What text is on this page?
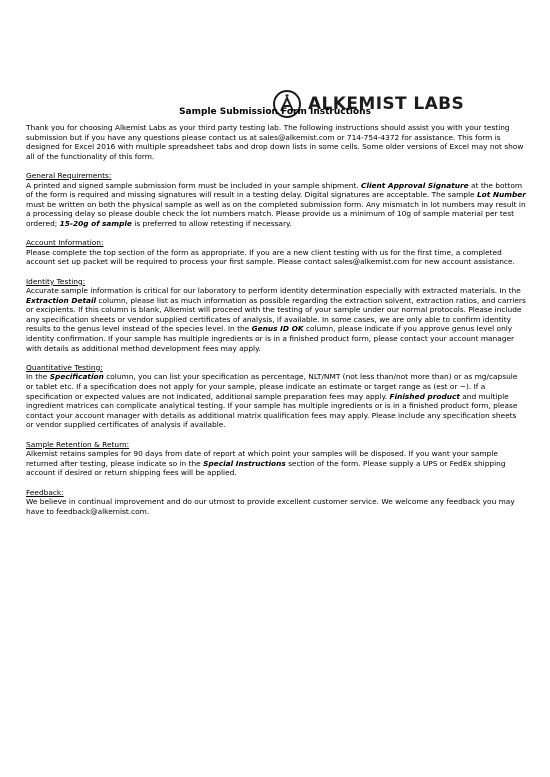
ALKEMIST LABS
Sample Submission Form Instructions

Thank you for choosing Alkemist Labs as your third party testing lab. The following instructions should assist you with your testing submission but if you have any questions please contact us at sales@alkemist.com or 714-754-4372 for assistance. This form is designed for Excel 2016 with multiple spreadsheet tabs and drop down lists in some cells. Some older versions of Excel may not show all of the functionality of this form.

General Requirements:
A printed and signed sample submission form must be included in your sample shipment. Client Approval Signature at the bottom of the form is required and missing signatures will result in a testing delay. Digital signatures are acceptable. The sample Lot Number must be written on both the physical sample as well as on the completed submission form. Any mismatch in lot numbers may result in a processing delay so please double check the lot numbers match. Please provide us a minimum of 10g of sample material per test ordered; 15-20g of sample is preferred to allow retesting if necessary.

Account Information:
Please complete the top section of the form as appropriate. If you are a new client testing with us for the first time, a completed account set up packet will be required to process your first sample. Please contact sales@alkemist.com for new account assistance.

Identity Testing:
Accurate sample information is critical for our laboratory to perform identity determination especially with extracted materials. In the Extraction Detail column, please list as much information as possible regarding the extraction solvent, extraction ratios, and carriers or excipients. If this column is blank, Alkemist will proceed with the testing of your sample under our normal protocols. Please include any specification sheets or vendor supplied certificates of analysis, if available. In some cases, we are only able to confirm identity results to the genus level instead of the species level. In the Genus ID OK column, please indicate if you approve genus level only identity confirmation. If your sample has multiple ingredients or is in a finished product form, please contact your account manager with details as additional method development fees may apply.

Quantitative Testing:
In the Specification column, you can list your specification as percentage, NLT/NMT (not less than/not more than) or as mg/capsule or tablet etc. If a specification does not apply for your sample, please indicate an estimate or target range as (est or ~). If a specification or expected values are not indicated, additional sample preparation fees may apply. Finished product and multiple ingredient matrices can complicate analytical testing. If your sample has multiple ingredients or is in a finished product form, please contact your account manager with details as additional matrix qualification fees may apply. Please include any specification sheets or vendor supplied certificates of analysis if available.

Sample Retention & Return:
Alkemist retains samples for 90 days from date of report at which point your samples will be disposed. If you want your sample returned after testing, please indicate so in the Special Instructions section of the form. Please supply a UPS or FedEx shipping account if desired or return shipping fees will be applied.

Feedback:
We believe in continual improvement and do our utmost to provide excellent customer service. We welcome any feedback you may have to feedback@alkemist.com.
